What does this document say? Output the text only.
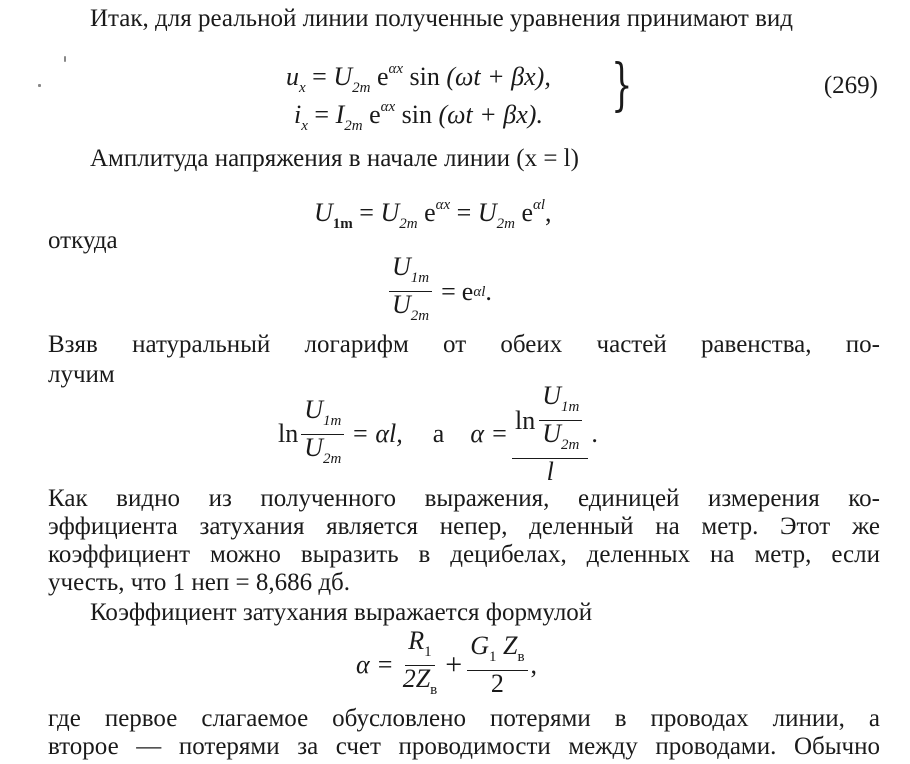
Итак, для реальной линии полученные уравнения принимают вид
$u_x = U_{2m}$ $e^{\alpha x}$ sin (ωt + βx),
$i_x = I_{2m}$ $e^{\alpha x}$ sin (ωt + βx). }	(269)
Амплитуда напряжения в начале линии (x = l)
$U_{1m} = U_{2m}$ $e^{\alpha x} = U_{2m}$ $e^{\alpha l}$,
откуда
$\frac{U_{1m}}{U_{2m}} = e$ αl .
Взяв натуральный логарифм от обеих частей равенства, по-
лучим
$\ln \frac{U_{1m}}{U_{2m}} = \alpha l$, а $\alpha = \frac{\ln \frac{U_{1m}}{U_{2m}}}{l}$ .
Как видно из полученного выражения, единицей измерения ко-
эффициента затухания является непер, деленный на метр. Этот же
коэффициент можно выразить в децибелах, деленных на метр, если
учесть, что 1 неп = 8,686 дб.
Коэффициент затухания выражается формулой
$\alpha = \frac{R_1}{2Z_в} + \frac{G_1 Z_в}{2}$ ,
где первое слагаемое обусловлено потерями в проводах линии, а
второе — потерями за счет проводимости между проводами. Обычно
